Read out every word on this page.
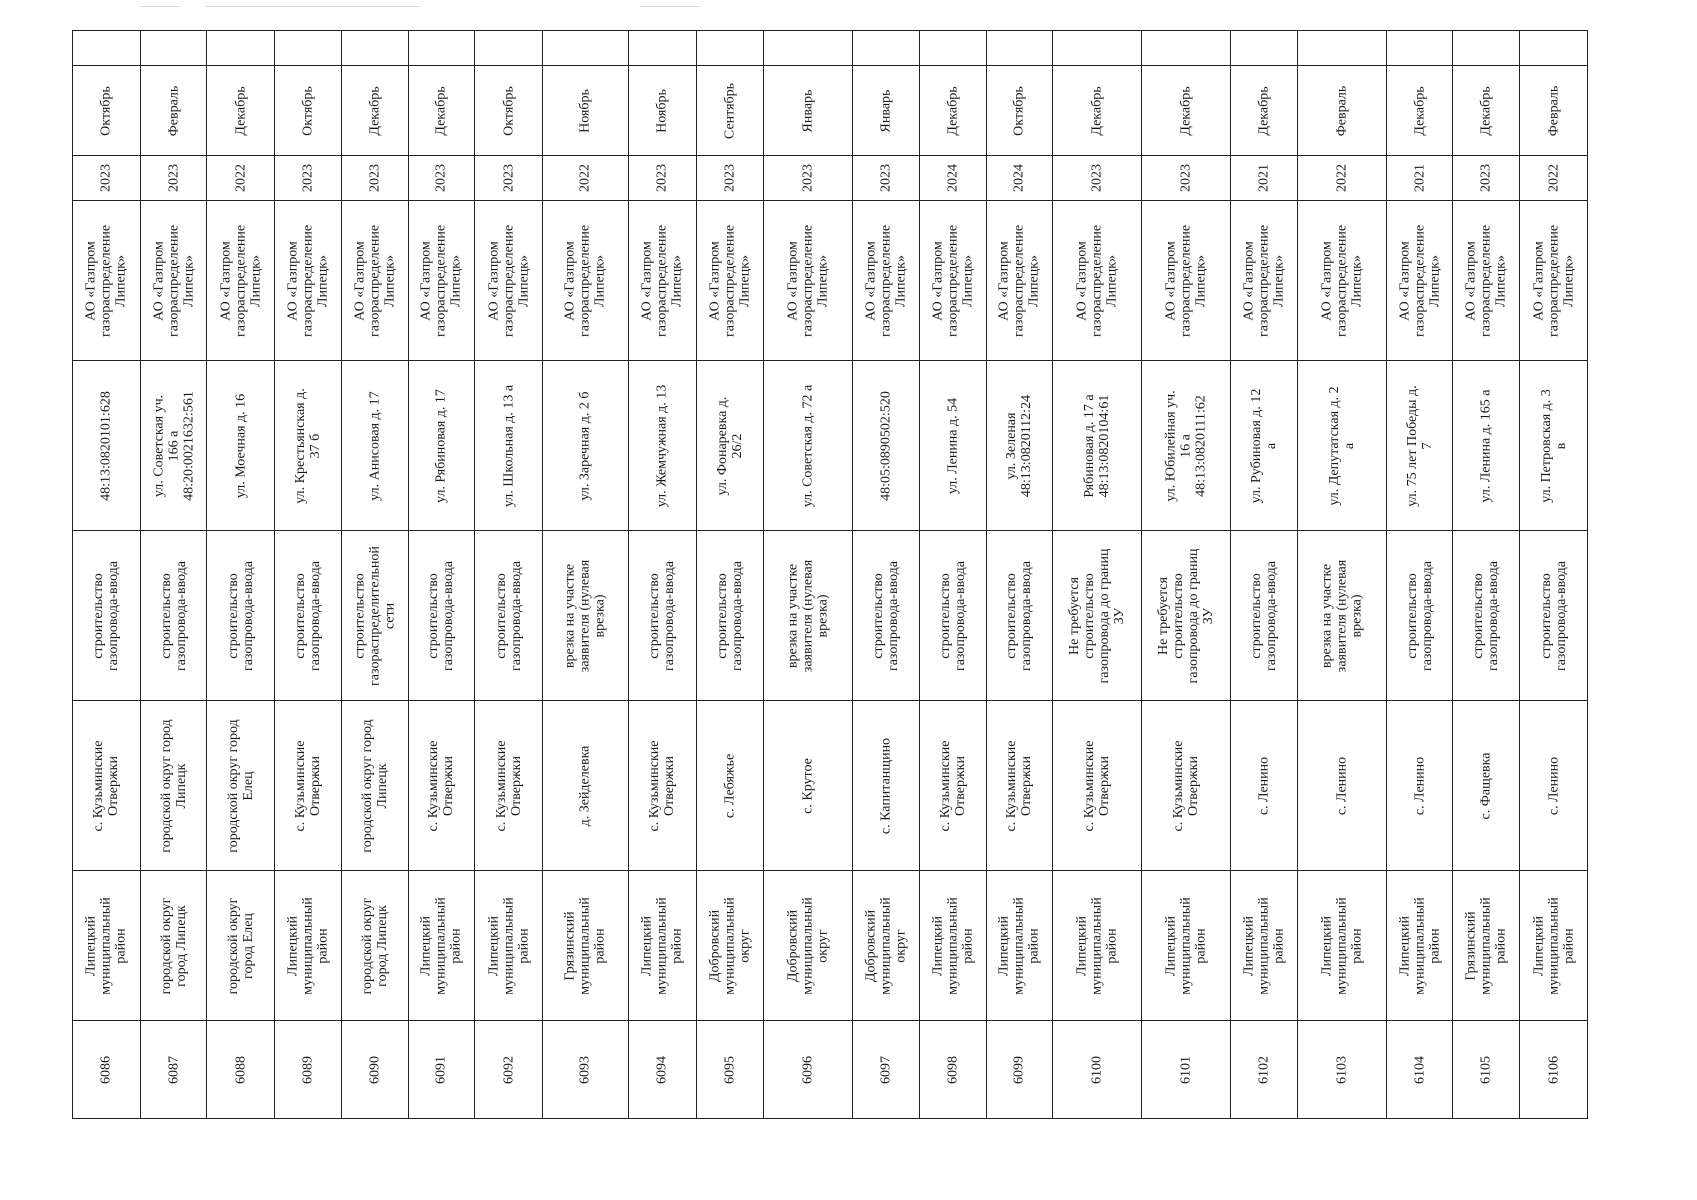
Октябрь	Февраль	Декабрь	Октябрь	Декабрь	Декабрь	Октябрь	Ноябрь	Ноябрь	Сентябрь	Январь	Январь	Декабрь	Октябрь	Декабрь	Декабрь	Декабрь	Февраль	Декабрь	Декабрь	Февраль

2023	2023	2022	2023	2023	2023	2023	2022	2023	2023	2023	2023	2024	2024	2023	2023	2021	2022	2021	2023	2022

АО «Газпром
газораспределение
Липецк»	АО «Газпром
газораспределение
Липецк»	АО «Газпром
газораспределение
Липецк»	АО «Газпром
газораспределение
Липецк»	АО «Газпром
газораспределение
Липецк»	АО «Газпром
газораспределение
Липецк»	АО «Газпром
газораспределение
Липецк»	АО «Газпром
газораспределение
Липецк»	АО «Газпром
газораспределение
Липецк»	АО «Газпром
газораспределение
Липецк»	АО «Газпром
газораспределение
Липецк»	АО «Газпром
газораспределение
Липецк»	АО «Газпром
газораспределение
Липецк»	АО «Газпром
газораспределение
Липецк»	АО «Газпром
газораспределение
Липецк»	АО «Газпром
газораспределение
Липецк»	АО «Газпром
газораспределение
Липецк»	АО «Газпром
газораспределение
Липецк»	АО «Газпром
газораспределение
Липецк»	АО «Газпром
газораспределение
Липецк»	АО «Газпром
газораспределение
Липецк»

48:13:0820101:628	ул. Советская уч.
166 а
48:20:0021632:561	ул. Моечная д. 16	ул. Крестьянская д.
37 б	ул. Анисовая д. 17	ул. Рябиновая д. 17	ул. Школьная д. 13 а	ул. Заречная д. 2 б	ул. Жемчужная д. 13	ул. Фонаревка д.
26/2	ул. Советская д. 72 а	48:05:0890502:520	ул. Ленина д. 54	ул. Зеленая
48:13:0820112:24	Рябиновая д. 17 а
48:13:0820104:61	ул. Юбилейная уч.
16 а
48:13:0820111:62	ул. Рубиновая д. 12
а	ул. Депутатская д. 2
а	ул. 75 лет Победы д.
7	ул. Ленина д. 165 а	ул. Петровская д. 3
в

строительство
газопровода-ввода	строительство
газопровода-ввода	строительство
газопровода-ввода	строительство
газопровода-ввода	строительство
газораспределительной
сети	строительство
газопровода-ввода	строительство
газопровода-ввода	врезка на участке
заявителя (нулевая
врезка)	строительство
газопровода-ввода	строительство
газопровода-ввода	врезка на участке
заявителя (нулевая
врезка)	строительство
газопровода-ввода	строительство
газопровода-ввода	строительство
газопровода-ввода	Не требуется
строительство
газопровода до границ
ЗУ	Не требуется
строительство
газопровода до границ
ЗУ	строительство
газопровода-ввода	врезка на участке
заявителя (нулевая
врезка)	строительство
газопровода-ввода	строительство
газопровода-ввода	строительство
газопровода-ввода

с. Кузьминские
Отвержки	городской округ город
Липецк	городской округ город
Елец	с. Кузьминские
Отвержки	городской округ город
Липецк	с. Кузьминские
Отвержки	с. Кузьминские
Отвержки	д. Зейделевка	с. Кузьминские
Отвержки	с. Лебяжье	с. Крутое	с. Капитанщино	с. Кузьминские
Отвержки	с. Кузьминские
Отвержки	с. Кузьминские
Отвержки	с. Кузьминские
Отвержки	с. Ленино	с. Ленино	с. Ленино	с. Фащевка	с. Ленино

Липецкий
муниципальный
район	городской округ
город Липецк	городской округ
город Елец	Липецкий
муниципальный
район	городской округ
город Липецк	Липецкий
муниципальный
район	Липецкий
муниципальный
район	Грязинский
муниципальный
район	Липецкий
муниципальный
район	Добровский
муниципальный
округ	Добровский
муниципальный
округ	Добровский
муниципальный
округ	Липецкий
муниципальный
район	Липецкий
муниципальный
район	Липецкий
муниципальный
район	Липецкий
муниципальный
район	Липецкий
муниципальный
район	Липецкий
муниципальный
район	Липецкий
муниципальный
район	Грязинский
муниципальный
район	Липецкий
муниципальный
район

6086	6087	6088	6089	6090	6091	6092	6093	6094	6095	6096	6097	6098	6099	6100	6101	6102	6103	6104	6105	6106
